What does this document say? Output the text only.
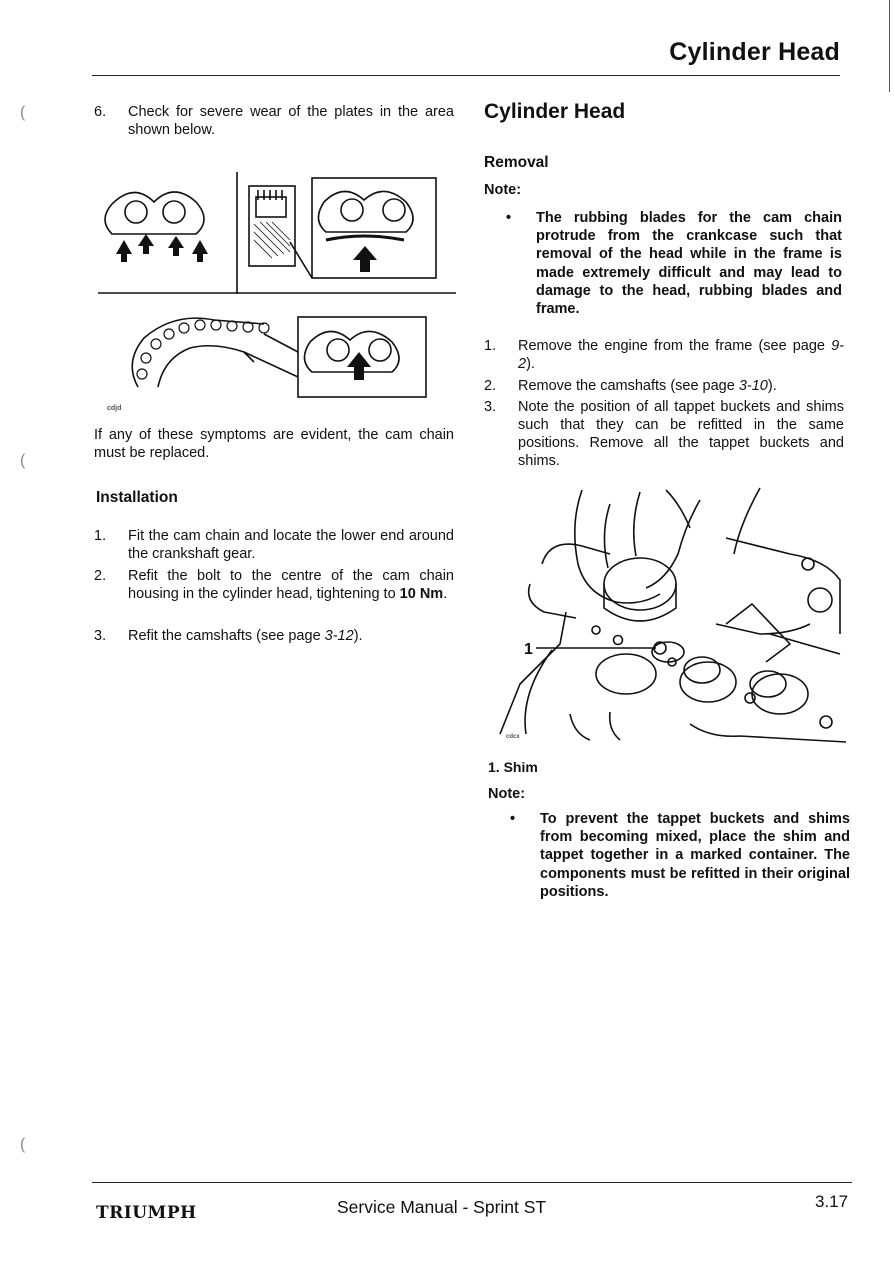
Cylinder Head
(
(
(
6. Check for severe wear of the plates in the area shown below.
cdjd
If any of these symptoms are evident, the cam chain must be replaced.
Installation
1. Fit the cam chain and locate the lower end around the crankshaft gear.
2. Refit the bolt to the centre of the cam chain housing in the cylinder head, tightening to 10 Nm.
3. Refit the camshafts (see page 3-12).
Cylinder Head
Removal
Note:
• The rubbing blades for the cam chain protrude from the crankcase such that removal of the head while in the frame is made extremely difficult and may lead to damage to the head, rubbing blades and frame.
1. Remove the engine from the frame (see page 9-2).
2. Remove the camshafts (see page 3-10).
3. Note the position of all tappet buckets and shims such that they can be refitted in the same positions. Remove all the tappet buckets and shims.
1
cdcx
1. Shim
Note:
• To prevent the tappet buckets and shims from becoming mixed, place the shim and tappet together in a marked container. The components must be refitted in their original positions.
TRIUMPH	Service Manual - Sprint ST	3.17
